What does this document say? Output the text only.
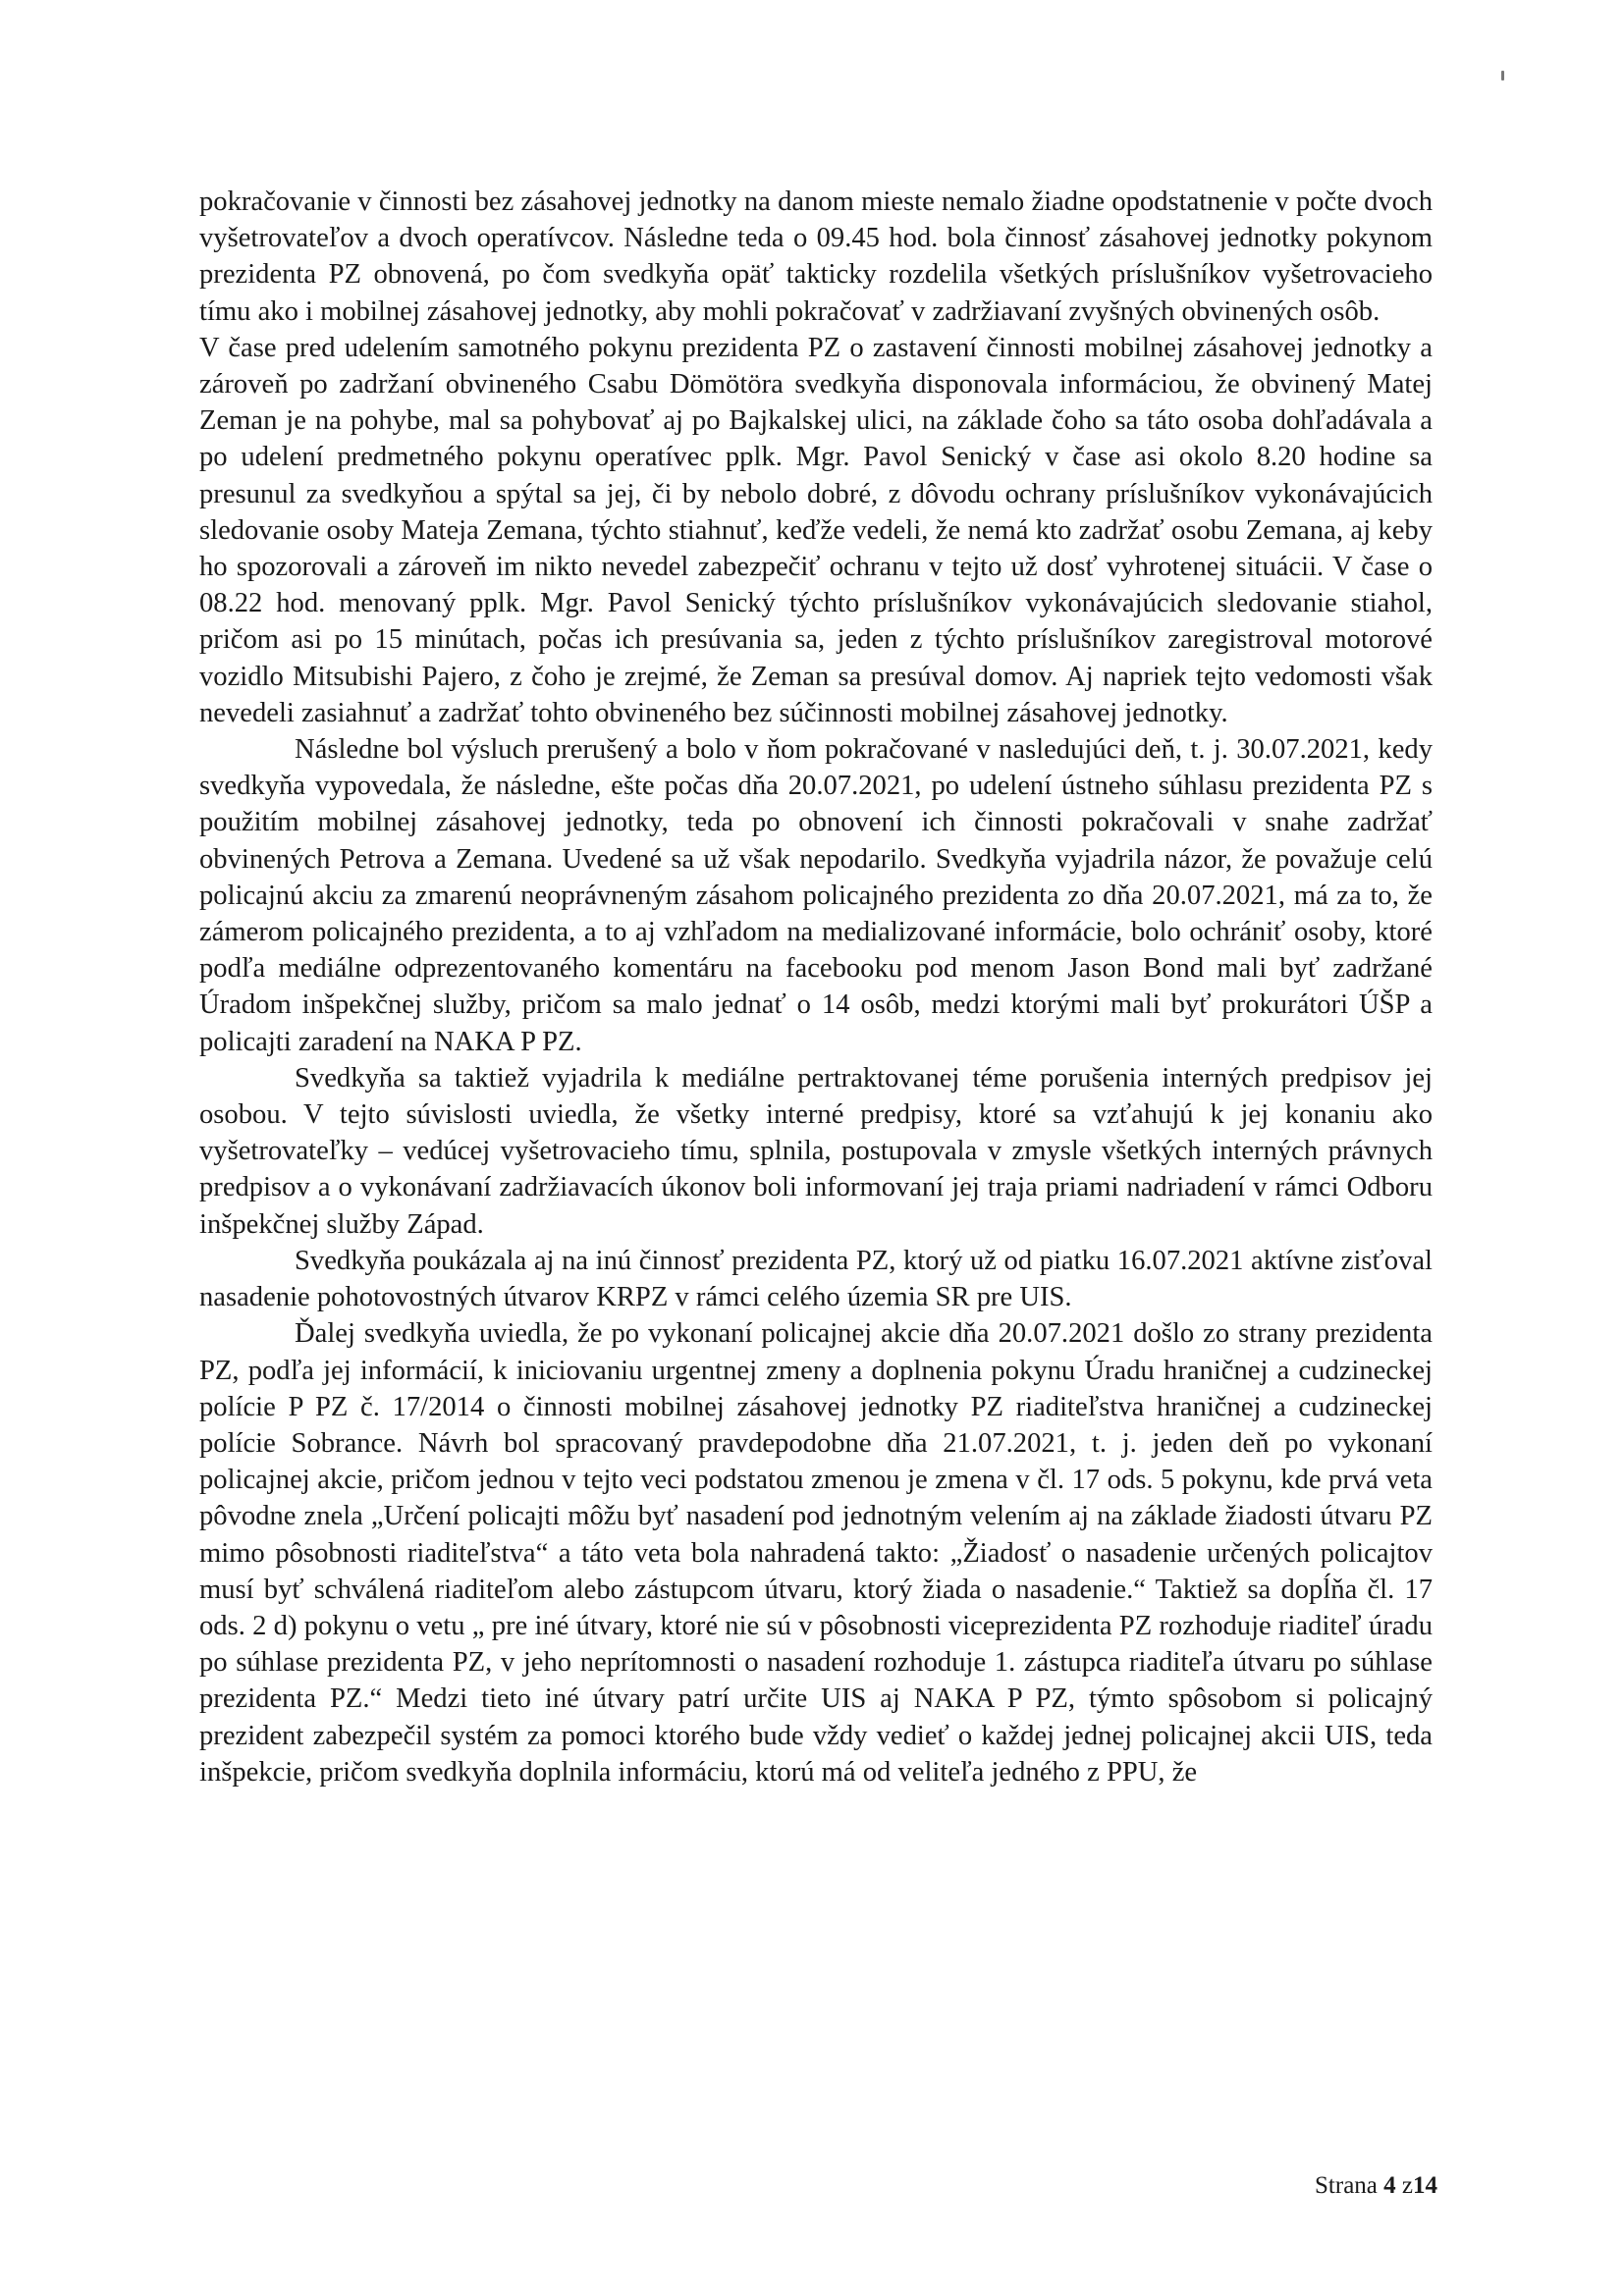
pokračovanie v činnosti bez zásahovej jednotky na danom mieste nemalo žiadne opodstatnenie v počte dvoch vyšetrovateľov a dvoch operatívcov. Následne teda o 09.45 hod. bola činnosť zásahovej jednotky pokynom prezidenta PZ obnovená, po čom svedkyňa opäť takticky rozdelila všetkých príslušníkov vyšetrovacieho tímu ako i mobilnej zásahovej jednotky, aby mohli pokračovať v zadržiavaní zvyšných obvinených osôb.

V čase pred udelením samotného pokynu prezidenta PZ o zastavení činnosti mobilnej zásahovej jednotky a zároveň po zadržaní obvineného Csabu Dömötöra svedkyňa disponovala informáciou, že obvinený Matej Zeman je na pohybe, mal sa pohybovať aj po Bajkalskej ulici, na základe čoho sa táto osoba dohľadávala a po udelení predmetného pokynu operatívec pplk. Mgr. Pavol Senický v čase asi okolo 8.20 hodine sa presunul za svedkyňou a spýtal sa jej, či by nebolo dobré, z dôvodu ochrany príslušníkov vykonávajúcich sledovanie osoby Mateja Zemana, týchto stiahnuť, keďže vedeli, že nemá kto zadržať osobu Zemana, aj keby ho spozorovali a zároveň im nikto nevedel zabezpečiť ochranu v tejto už dosť vyhrotenej situácii. V čase o 08.22 hod. menovaný pplk. Mgr. Pavol Senický týchto príslušníkov vykonávajúcich sledovanie stiahol, pričom asi po 15 minútach, počas ich presúvania sa, jeden z týchto príslušníkov zaregistroval motorové vozidlo Mitsubishi Pajero, z čoho je zrejmé, že Zeman sa presúval domov. Aj napriek tejto vedomosti však nevedeli zasiahnuť a zadržať tohto obvineného bez súčinnosti mobilnej zásahovej jednotky.

Následne bol výsluch prerušený a bolo v ňom pokračované v nasledujúci deň, t. j. 30.07.2021, kedy svedkyňa vypovedala, že následne, ešte počas dňa 20.07.2021, po udelení ústneho súhlasu prezidenta PZ s použitím mobilnej zásahovej jednotky, teda po obnovení ich činnosti pokračovali v snahe zadržať obvinených Petrova a Zemana. Uvedené sa už však nepodarilo. Svedkyňa vyjadrila názor, že považuje celú policajnú akciu za zmarenú neoprávneným zásahom policajného prezidenta zo dňa 20.07.2021, má za to, že zámerom policajného prezidenta, a to aj vzhľadom na medializované informácie, bolo ochrániť osoby, ktoré podľa mediálne odprezentovaného komentáru na facebooku pod menom Jason Bond mali byť zadržané Úradom inšpekčnej služby, pričom sa malo jednať o 14 osôb, medzi ktorými mali byť prokurátori ÚŠP a policajti zaradení na NAKA P PZ.

Svedkyňa sa taktiež vyjadrila k mediálne pertraktovanej téme porušenia interných predpisov jej osobou. V tejto súvislosti uviedla, že všetky interné predpisy, ktoré sa vzťahujú k jej konaniu ako vyšetrovateľky – vedúcej vyšetrovacieho tímu, splnila, postupovala v zmysle všetkých interných právnych predpisov a o vykonávaní zadržiavacích úkonov boli informovaní jej traja priami nadriadení v rámci Odboru inšpekčnej služby Západ.

Svedkyňa poukázala aj na inú činnosť prezidenta PZ, ktorý už od piatku 16.07.2021 aktívne zisťoval nasadenie pohotovostných útvarov KRPZ v rámci celého územia SR pre UIS.

Ďalej svedkyňa uviedla, že po vykonaní policajnej akcie dňa 20.07.2021 došlo zo strany prezidenta PZ, podľa jej informácií, k iniciovaniu urgentnej zmeny a doplnenia pokynu Úradu hraničnej a cudzineckej polície P PZ č. 17/2014 o činnosti mobilnej zásahovej jednotky PZ riaditeľstva hraničnej a cudzineckej polície Sobrance. Návrh bol spracovaný pravdepodobne dňa 21.07.2021, t. j. jeden deň po vykonaní policajnej akcie, pričom jednou v tejto veci podstatou zmenou je zmena v čl. 17 ods. 5 pokynu, kde prvá veta pôvodne znela „Určení policajti môžu byť nasadení pod jednotným velením aj na základe žiadosti útvaru PZ mimo pôsobnosti riaditeľstva“ a táto veta bola nahradená takto: „Žiadosť o nasadenie určených policajtov musí byť schválená riaditeľom alebo zástupcom útvaru, ktorý žiada o nasadenie.“ Taktiež sa dopĺňa čl. 17 ods. 2 d) pokynu o vetu „ pre iné útvary, ktoré nie sú v pôsobnosti viceprezidenta PZ rozhoduje riaditeľ úradu po súhlase prezidenta PZ, v jeho neprítomnosti o nasadení rozhoduje 1. zástupca riaditeľa útvaru po súhlase prezidenta PZ.“ Medzi tieto iné útvary patrí určite UIS aj NAKA P PZ, týmto spôsobom si policajný prezident zabezpečil systém za pomoci ktorého bude vždy vedieť o každej jednej policajnej akcii UIS, teda inšpekcie, pričom svedkyňa doplnila informáciu, ktorú má od veliteľa jedného z PPU, že

Strana 4 z14
